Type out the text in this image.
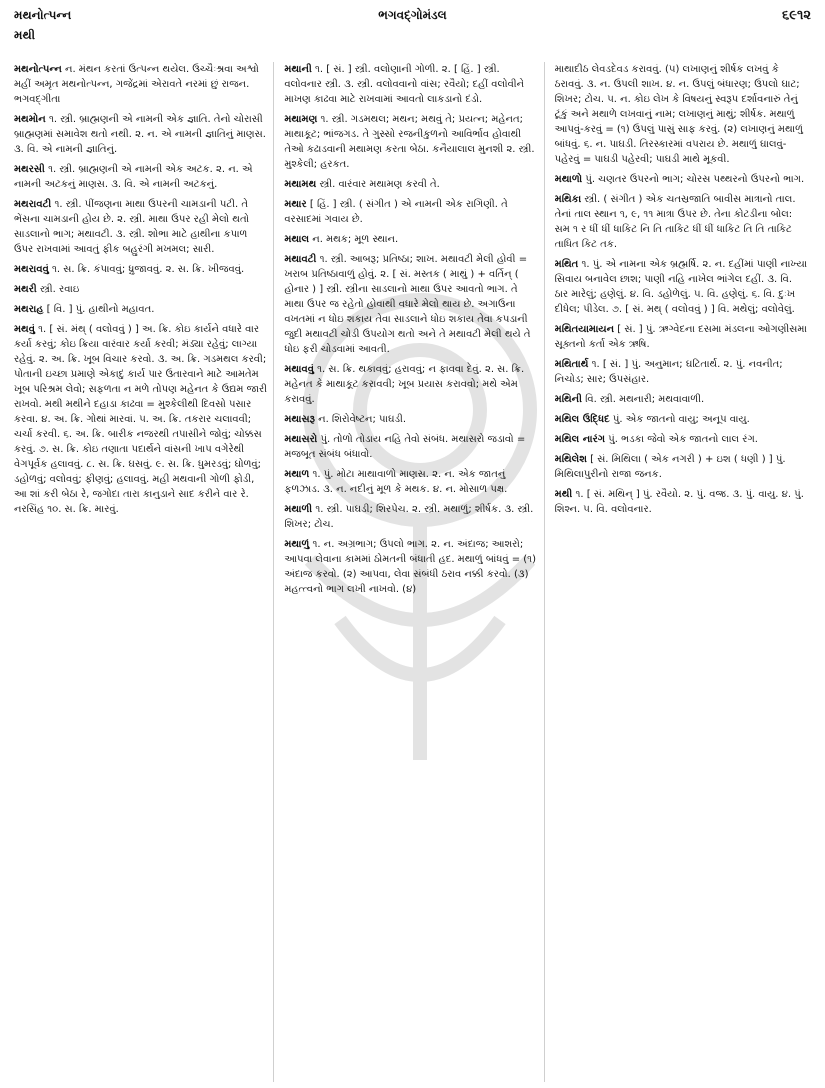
મથનોત્પન્ન
મથી
ભગવદ્ગોમંડલ	૬૯૧૨
મથનોત્પન્ન ન. મંથન કરતાં ઉત્પન્ન થયેલ. ઉચ્ચૈઃશ્રવા અશ્વો મહીં અમૃત મથનોત્પન્ન, ગજેંદ્રમાં એરાવતે નરમાં છું રાજન. ભગવદ્ગીતા
મથમોન ૧. સ્ત્રી. બ્રાહ્મણની એ નામની એક જ્ઞાતિ. તેનો ચોરાસી બ્રાહ્મણમાં સમાવેશ થતો નથી. ૨. ન. એ નામની જ્ઞાતિનું માણસ. ૩. વિ. એ નામની જ્ઞાતિનું.
મથરસી ૧. સ્ત્રી. બ્રાહ્મણની એ નામની એક અટક. ૨. ન. એ નામની અટકનું માણસ. ૩. વિ. એ નામની અટકનું.
મથરાવટી ૧. સ્ત્રી. પીંજણના માથા ઉપરની ચામડાની પટી. તે ભેંસના ચામડાની હોય છે. ૨. સ્ત્રી. માથા ઉપર રહી મેલો થતો સાડલાનો ભાગ; મથાવટી. ૩. સ્ત્રી. શોભા માટે હાથીના કપાળ ઉપર રાખવામાં આવતું ફીક બહુરંગી મખમલ; સારી.
મથરાવવું ૧. સ. ક્રિ. કંપાવવું; ધ્રુજાવવું. ૨. સ. ક્રિ. ખીજવવું.
મથરી સ્ત્રી. રવાઇ
મથરાહ [ વિ. ] પું. હાથીનો મહાવત.
મથવું ૧. [ સં. મંથ્ ( વલોવવું ) ] અ. ક્રિ. કોઇ કાર્યને વધારે વાર કર્યા કરવું; કોઇ ક્રિયા વારંવાર કર્યા કરવી; મંડ્યા રહેવું; લાગ્યા રહેવું. ૨. અ. ક્રિ. ખૂબ વિચાર કરવો. ૩. અ. ક્રિ. ગડમથલ કરવી; પોતાની ઇચ્છા પ્રમાણે એકાદું કાર્ય પાર ઉતારવાને માટે આમતેમ ખૂબ પરિશ્રમ લેવો; સફળતા ન મળે તોપણ મહેનત કે ઉદ્યમ જારી રાખવો. મથી મથીને દહાડા કાઢવા = મુશ્કેલીથી દિવસો પસાર કરવા. ૪. અ. ક્રિ. ગોથાં મારવાં. ૫. અ. ક્રિ. તકરાર ચલાવવી; ચર્ચા કરવી. ૬. અ. ક્રિ. બારીક નજરથી તપાસીને જોવું; ચોક્કસ કરવું. ૭. સ. ક્રિ. કોઇ તણાતા પદાર્થને વાંસની ખાપ વગેરેથી વેગપૂર્વક હલાવવું. ૮. સ. ક્રિ. ઘસવું. ૯. સ. ક્રિ. ધુમરડવું; ઘોળવું; ડહોળવું; વલોવવું; ફીણવું; હલાવવું. મહી મથવાની ગોળી ફોડી, આ શાં કરી બેઠા રે, જગોદા તારા કાનુડાને સાદ કરીને વાર રે. નરસિંહ ૧૦. સ. ક્રિ. મારવું.
મથાની ૧. [ સં. ] સ્ત્રી. વલોણાની ગોળી. ૨. [ હિં. ] સ્ત્રી. વલોવનાર સ્ત્રી. ૩. સ્ત્રી. વલોવવાનો વાંસ; રવૈયો; દહીં વલોવીને માખણ કાઢવા માટે રાખવામાં આવતો લાકડાનો દંડો.
મથામણ ૧. સ્ત્રી. ગડમથલ; મથન; મથવું તે; પ્રયત્ન; મહેનત; માથાકૂટ; ભાંજગડ. તે ગુસ્સો રજનીકુળનો આવિર્ભાવ હોવાથી તેઓ કઢાડવાની મથામણ કરતા બેઠા. કનૈયાલાલ મુનશી ૨. સ્ત્રી. મુશ્કેલી; હરકત.
મથામથ સ્ત્રી. વારંવાર મથામણ કરવી તે.
મથાર [ હિં. ] સ્ત્રી. ( સંગીત ) એ નામની એક રાગિણી. તે વરસાદમાં ગવાય છે.
મથાલ ન. મથક; મૂળ સ્થાન.
મથાવટી ૧. સ્ત્રી. આબરૂ; પ્રતિષ્ઠા; શાખ. મથાવટી મેલી હોવી = ખરાબ પ્રતિષ્ઠાવાળું હોવું. ૨. [ સં. મસ્તક ( માથું ) + વર્તિન્ ( હોનાર ) ] સ્ત્રી. સ્ત્રીના સાડલાનો માથા ઉપર આવતો ભાગ. તે માથા ઉપર જ રહેતો હોવાથી વધારે મેલો થાય છે. અગાઉના વખતમાં ન ધોઇ શકાય તેવા સાડલાને ધોઇ શકાય તેવા કપડાની જુદી મથાવટી ચોડી ઉપયોગ થતો અને તે મથાવટી મેલી થયે તે ધોઇ ફરી ચોડવામાં આવતી.
મથાવવું ૧. સ. ક્રિ. થકાવવું; હરાવવું; ન ફાવવા દેવું. ૨. સ. ક્રિ. મહેનત કે માથાકૂટ કરાવવી; ખૂબ પ્રયાસ કરાવવો; મથે એમ કરાવવું.
મથાસરૂ ન. શિરોવેષ્ટન; પાઘડી.
મથાસરો પું. તોળો તોડાય નહિ તેવો સંબંધ. મથાસરો જડાવો = મજબૂત સંબંધ બંધાવો.
મથાળ ૧. પું. મોટા માથાવાળો માણસ. ૨. ન. એક જાતનું ફળઝાડ. ૩. ન. નદીનું મૂળ કે મથક. ૪. ન. મોસાળ પક્ષ.
મથાળી ૧. સ્ત્રી. પાઘડી; શિરપેચ. ૨. સ્ત્રી. મથાળું; શીર્ષક. ૩. સ્ત્રી. શિખર; ટોચ.
મથાળું ૧. ન. અગ્રભાગ; ઉપલો ભાગ. ૨. ન. અંદાજ; આશરો; આપવા લેવાના કામમાં ઠોમતની બંધાતી હદ. મથાળું બાંધવું = (૧) અંદાજ કરવો. (૨) આપવા, લેવા સંબંધી ઠરાવ નક્કી કરવો. (૩) મહત્ત્વનો ભાગ લખી નાખવો. (૪)
માથાદીઠ લેવડદેવડ કરાવવું. (૫) લખાણનું શીર્ષક લખવું કે ઠરાવવું. ૩. ન. ઉપલી શાખ. ૪. ન. ઉપલું બંધારણ; ઉપલો ઘાટ; શિખર; ટોચ. ૫. ન. કોઇ લેખ કે વિષયનું સ્વરૂપ દર્શાવનારું તેનું ટૂંકું અને મથાળે લખવાનું નામ; લખાણનું માથું; શીર્ષક. મથાળું આપવું-કરવું = (૧) ઉપલું પાસું સાફ કરવું. (૨) લખાણનું મથાળું બાંધવું. ૬. ન. પાઘડી. તિરસ્કારમાં વપરાય છે. મથાળું ઘાલવું-પહેરવું = પાઘડી પહેરવી; પાઘડી માથે મૂકવી.
મથાળો પું. ચણતર ઉપરનો ભાગ; ચોરસ પથ્થરનો ઉપરનો ભાગ.
મથિકા સ્ત્રી. ( સંગીત ) એક ચતસ્રજાતિ બાવીસ માત્રાનો તાલ. તેનાં તાલ સ્થાન ૧, ૯, ૧૧ માત્રા ઉપર છે. તેના કોટડીના બોલ: સમ ૧ ર ધીં ધીં ધાકિટ નિ તિ તાકિટ ધીં ધીં ધાકિટ તિ તિ તાકિટ તાધિત કિટ તક.
મથિત ૧. પું. એ નામના એક બ્રહ્મર્ષિ. ૨. ન. દહીંમાં પાણી નાખ્યા સિવાય બનાવેલ છાશ; પાણી નહિ નાખેલ ભાંગેલ દહીં. ૩. વિ. ઠાર મારેલું; હણેલું. ૪. વિ. ડહોળેલું. ૫. વિ. હણેલું. ૬. વિ. દુઃખ દીધેલ; પીડેલ. ૭. [ સં. મથ્ ( વલોવવું ) ] વિ. મથેલું; વલોવેલું.
મથિતયામાયન [ સં. ] પું. ઋગ્વેદના દસમા મંડલના ઓગણીસમા સૂક્તનો કર્તા એક ઋષિ.
મથિતાર્થ ૧. [ સં. ] પું. અનુમાન; ઘટિતાર્થ. ૨. પું. નવનીત; નિચોડ; સાર; ઉપસંહાર.
મથિની વિ. સ્ત્રી. મથનારી; મથવાવાળી.
મથિલ ઉદ્ધિદ પું. એક જાતનો વાયુ; અનૂપ વાયુ.
મથિલ નારંગ પું. ભડકા જેવો એક જાતનો લાલ રંગ.
મથિલેશ [ સં. મિથિલા ( એક નગરી ) + ઇશ ( ધણી ) ] પું. મિથિલાપુરીનો રાજા જનક.
મથી ૧. [ સં. મથિન્ ] પું. રવૈયો. ૨. પું. વજ્ર. ૩. પું. વાયુ. ૪. પું. શિશ્ન. ૫. વિ. વલોવનાર.
